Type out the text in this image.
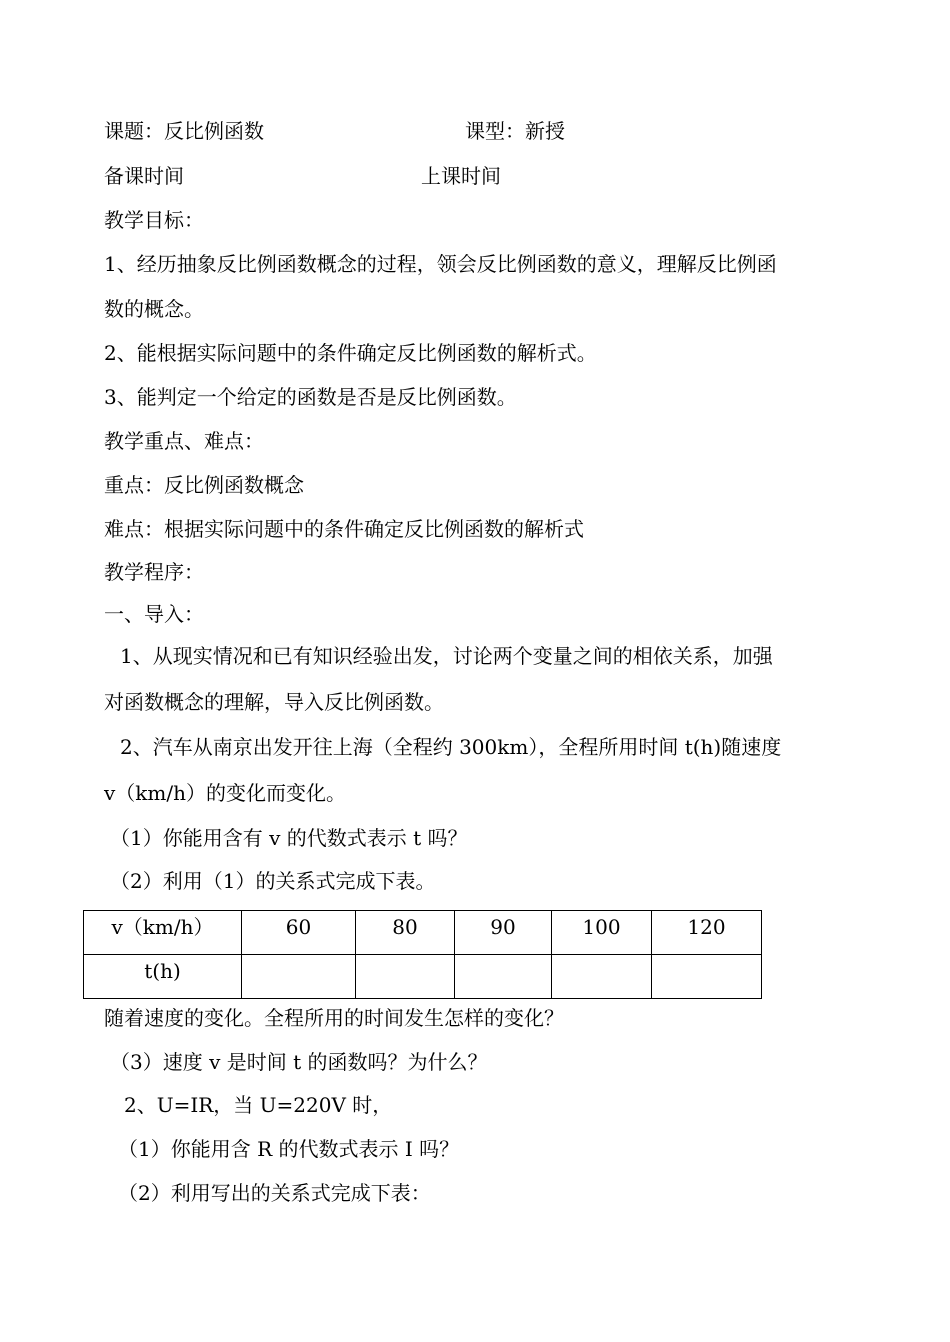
课题：反比例函数	课型：新授
备课时间	上课时间
教学目标：
1、经历抽象反比例函数概念的过程，领会反比例函数的意义，理解反比例函
数的概念。
2、能根据实际问题中的条件确定反比例函数的解析式。
3、能判定一个给定的函数是否是反比例函数。
教学重点、难点：
重点：反比例函数概念
难点：根据实际问题中的条件确定反比例函数的解析式
教学程序：
一、导入：
1、从现实情况和已有知识经验出发，讨论两个变量之间的相依关系，加强
对函数概念的理解，导入反比例函数。
2、汽车从南京出发开往上海（全程约 300km），全程所用时间 t(h)随速度
v（km/h）的变化而变化。
（1）你能用含有 v 的代数式表示 t 吗？
（2）利用（1）的关系式完成下表。
v（km/h）	60	80	90	100	120
t(h)					
随着速度的变化。全程所用的时间发生怎样的变化？
（3）速度 v 是时间 t 的函数吗？为什么？
2、U=IR，当 U=220V 时，
（1）你能用含 R 的代数式表示 I 吗？
（2）利用写出的关系式完成下表：
